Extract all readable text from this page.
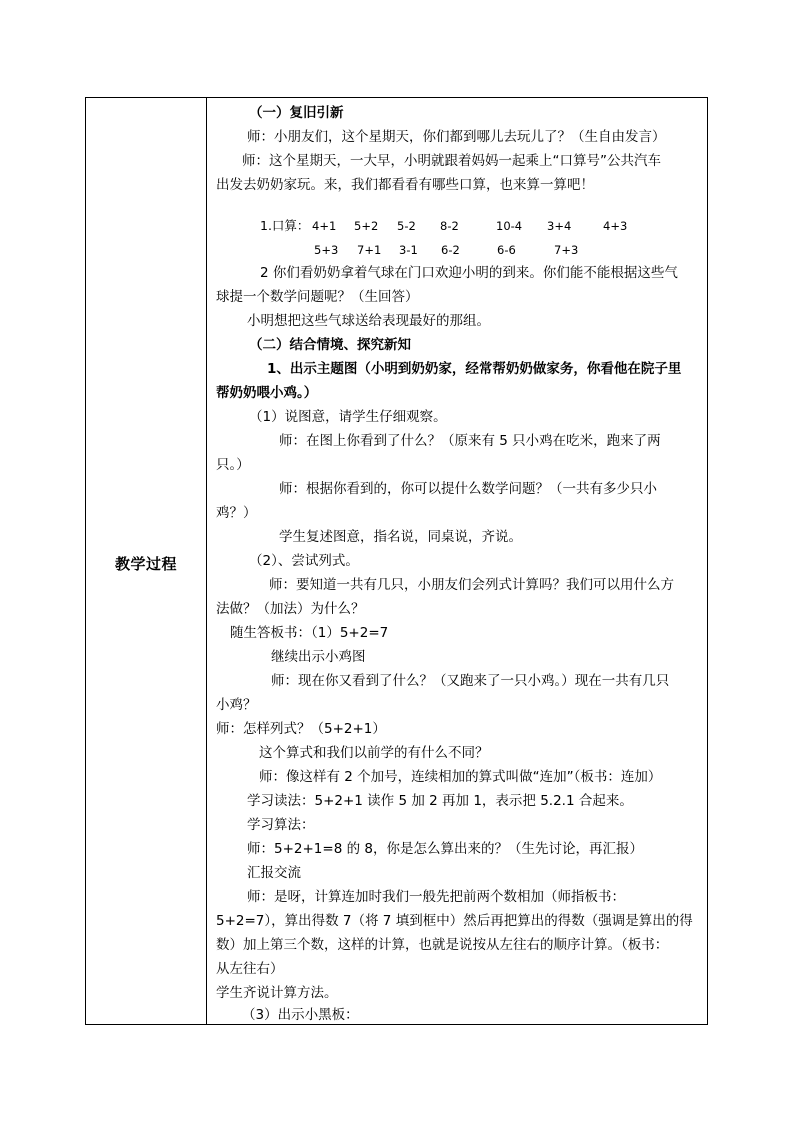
教学过程
（一）复旧引新
师：小朋友们，这个星期天，你们都到哪儿去玩儿了？（生自由发言）
师：这个星期天，一大早，小明就跟着妈妈一起乘上“口算号”公共汽车
出发去奶奶家玩。来，我们都看看有哪些口算，也来算一算吧！
1.口算： 4+1 5+2 5-2 8-2	10-4 3+4	4+3
5+3 7+1 3-1 6-2	6-6	7+3
2 你们看奶奶拿着气球在门口欢迎小明的到来。你们能不能根据这些气
球提一个数学问题呢？（生回答）
小明想把这些气球送给表现最好的那组。
（二）结合情境、探究新知
1、出示主题图（小明到奶奶家，经常帮奶奶做家务，你看他在院子里
帮奶奶喂小鸡。）
（1）说图意，请学生仔细观察。
师：在图上你看到了什么？（原来有 5 只小鸡在吃米，跑来了两
只。）
师：根据你看到的，你可以提什么数学问题？（一共有多少只小
鸡？）
学生复述图意，指名说，同桌说，齐说。
（2）、尝试列式。
师：要知道一共有几只，小朋友们会列式计算吗？我们可以用什么方
法做？（加法）为什么？
随生答板书：（1）5+2=7
继续出示小鸡图
师：现在你又看到了什么？（又跑来了一只小鸡。）现在一共有几只
小鸡？
师：怎样列式？（5+2+1）
这个算式和我们以前学的有什么不同？
师：像这样有 2 个加号，连续相加的算式叫做“连加”（板书：连加）
学习读法：5+2+1 读作 5 加 2 再加 1，表示把 5.2.1 合起来。
学习算法：
师：5+2+1=8 的 8，你是怎么算出来的？（生先讨论，再汇报）
汇报交流
师：是呀，计算连加时我们一般先把前两个数相加（师指板书：
5+2=7），算出得数 7（将 7 填到框中）然后再把算出的得数（强调是算出的得
数）加上第三个数，这样的计算，也就是说按从左往右的顺序计算。（板书：
从左往右）
学生齐说计算方法。
（3）出示小黑板：
